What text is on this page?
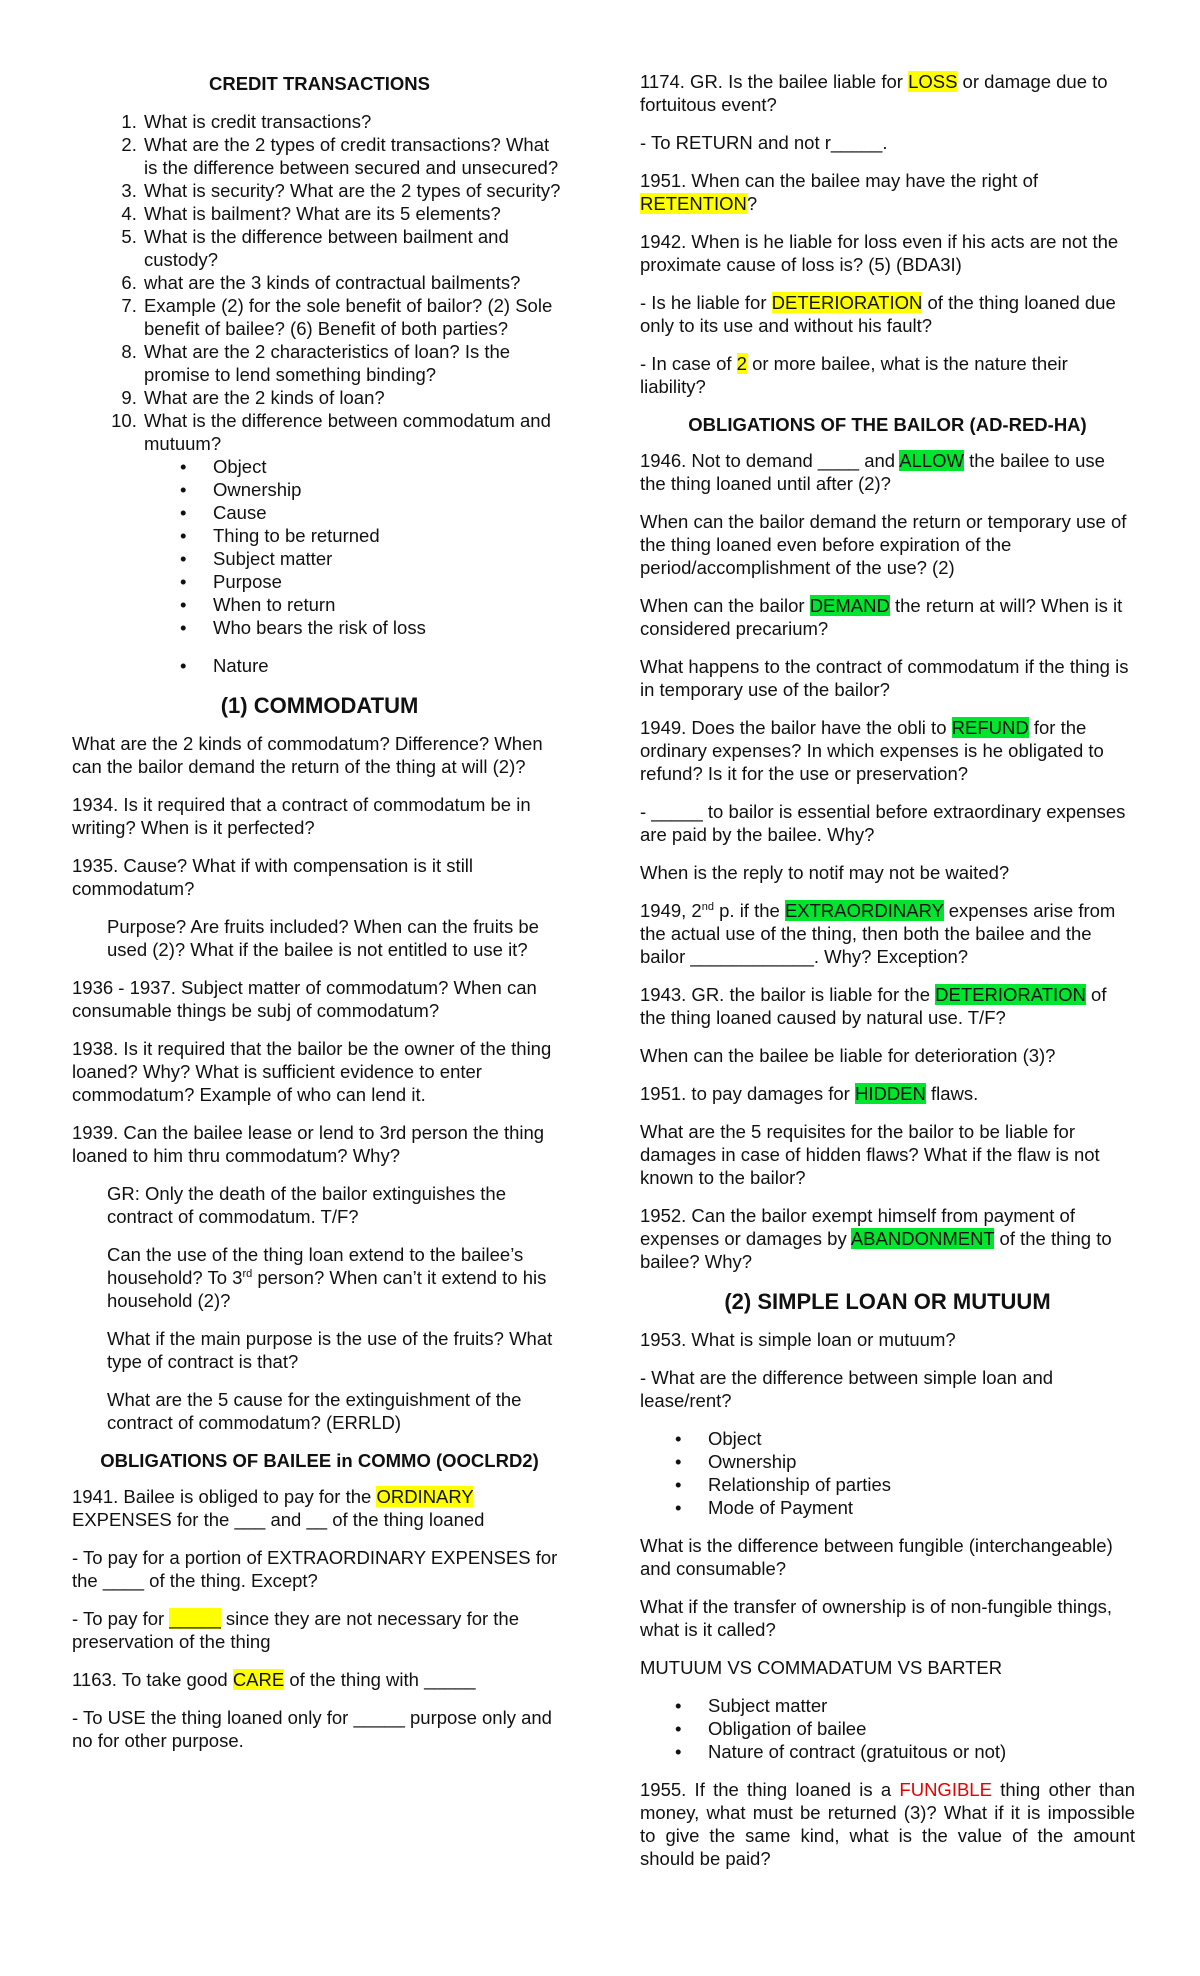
CREDIT TRANSACTIONS
1. What is credit transactions?
2. What are the 2 types of credit transactions? What is the difference between secured and unsecured?
3. What is security? What are the 2 types of security?
4. What is bailment? What are its 5 elements?
5. What is the difference between bailment and custody?
6. what are the 3 kinds of contractual bailments?
7. Example (2) for the sole benefit of bailor? (2) Sole benefit of bailee? (6) Benefit of both parties?
8. What are the 2 characteristics of loan? Is the promise to lend something binding?
9. What are the 2 kinds of loan?
10. What is the difference between commodatum and mutuum?
• Object
• Ownership
• Cause
• Thing to be returned
• Subject matter
• Purpose
• When to return
• Who bears the risk of loss
• Nature
(1) COMMODATUM

What are the 2 kinds of commodatum? Difference? When can the bailor demand the return of the thing at will (2)?

1934. Is it required that a contract of commodatum be in writing? When is it perfected?

1935. Cause? What if with compensation is it still commodatum?

Purpose? Are fruits included? When can the fruits be used (2)? What if the bailee is not entitled to use it?

1936 - 1937. Subject matter of commodatum? When can consumable things be subj of commodatum?

1938. Is it required that the bailor be the owner of the thing loaned? Why? What is sufficient evidence to enter commodatum? Example of who can lend it.

1939. Can the bailee lease or lend to 3rd person the thing loaned to him thru commodatum? Why?

GR: Only the death of the bailor extinguishes the contract of commodatum. T/F?

Can the use of the thing loan extend to the bailee’s household? To 3rd person? When can’t it extend to his household (2)?

What if the main purpose is the use of the fruits? What type of contract is that?

What are the 5 cause for the extinguishment of the contract of commodatum? (ERRLD)

OBLIGATIONS OF BAILEE in COMMO (OOCLRD2)

1941. Bailee is obliged to pay for the ORDINARY EXPENSES for the ___ and __ of the thing loaned

- To pay for a portion of EXTRAORDINARY EXPENSES for the ____ of the thing. Except?

- To pay for _____ since they are not necessary for the preservation of the thing

1163. To take good CARE of the thing with _____

- To USE the thing loaned only for _____ purpose only and no for other purpose.

1174. GR. Is the bailee liable for LOSS or damage due to fortuitous event?

- To RETURN and not r_____.

1951. When can the bailee may have the right of RETENTION?

1942. When is he liable for loss even if his acts are not the proximate cause of loss is? (5) (BDA3I)

- Is he liable for DETERIORATION of the thing loaned due only to its use and without his fault?

- In case of 2 or more bailee, what is the nature their liability?

OBLIGATIONS OF THE BAILOR (AD-RED-HA)

1946. Not to demand ____ and ALLOW the bailee to use the thing loaned until after (2)?

When can the bailor demand the return or temporary use of the thing loaned even before expiration of the period/accomplishment of the use? (2)

When can the bailor DEMAND the return at will? When is it considered precarium?

What happens to the contract of commodatum if the thing is in temporary use of the bailor?

1949. Does the bailor have the obli to REFUND for the ordinary expenses? In which expenses is he obligated to refund? Is it for the use or preservation?

- _____ to bailor is essential before extraordinary expenses are paid by the bailee. Why?

When is the reply to notif may not be waited?

1949, 2nd p. if the EXTRAORDINARY expenses arise from the actual use of the thing, then both the bailee and the bailor ____________. Why? Exception?

1943. GR. the bailor is liable for the DETERIORATION of the thing loaned caused by natural use. T/F?

When can the bailee be liable for deterioration (3)?

1951. to pay damages for HIDDEN flaws.

What are the 5 requisites for the bailor to be liable for damages in case of hidden flaws? What if the flaw is not known to the bailor?

1952. Can the bailor exempt himself from payment of expenses or damages by ABANDONMENT of the thing to bailee? Why?

(2) SIMPLE LOAN OR MUTUUM

1953. What is simple loan or mutuum?

- What are the difference between simple loan and lease/rent?

• Object
• Ownership
• Relationship of parties
• Mode of Payment

What is the difference between fungible (interchangeable) and consumable?

What if the transfer of ownership is of non-fungible things, what is it called?

MUTUUM VS COMMADATUM VS BARTER

• Subject matter
• Obligation of bailee
• Nature of contract (gratuitous or not)

1955. If the thing loaned is a FUNGIBLE thing other than money, what must be returned (3)? What if it is impossible to give the same kind, what is the value of the amount should be paid?
